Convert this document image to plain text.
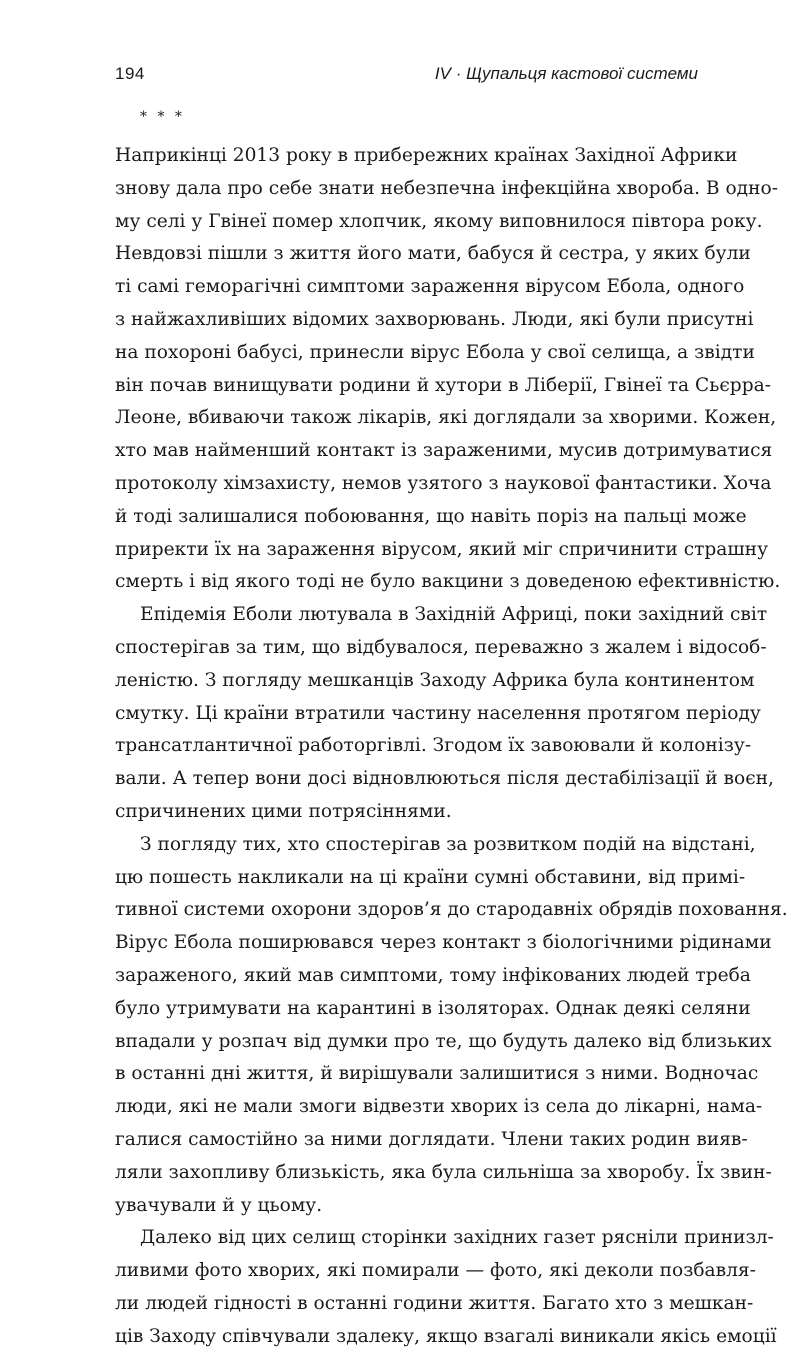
194	IV · Щупальця кастової системи
* * *
Наприкінці 2013 року в прибережних країнах Західної Африки
знову дала про себе знати небезпечна інфекційна хвороба. В одно-
му селі у Гвінеї помер хлопчик, якому виповнилося півтора року.
Невдовзі пішли з життя його мати, бабуся й сестра, у яких були
ті самі геморагічні симптоми зараження вірусом Ебола, одного
з найжахливіших відомих захворювань. Люди, які були присутні
на похороні бабусі, принесли вірус Ебола у свої селища, а звідти
він почав винищувати родини й хутори в Ліберії, Гвінеї та Сьєрра-
Леоне, вбиваючи також лікарів, які доглядали за хворими. Кожен,
хто мав найменший контакт із зараженими, мусив дотримуватися
протоколу хімзахисту, немов узятого з наукової фантастики. Хоча
й тоді залишалися побоювання, що навіть поріз на пальці може
приректи їх на зараження вірусом, який міг спричинити страшну
смерть і від якого тоді не було вакцини з доведеною ефективністю.
Епідемія Еболи лютувала в Західній Африці, поки західний світ
спостерігав за тим, що відбувалося, переважно з жалем і відособ-
леністю. З погляду мешканців Заходу Африка була континентом
смутку. Ці країни втратили частину населення протягом періоду
трансатлантичної работоргівлі. Згодом їх завоювали й колонізу-
вали. А тепер вони досі відновлюються після дестабілізації й воєн,
спричинених цими потрясіннями.
З погляду тих, хто спостерігав за розвитком подій на відстані,
цю пошесть накликали на ці країни сумні обставини, від примі-
тивної системи охорони здоров’я до стародавніх обрядів поховання.
Вірус Ебола поширювався через контакт з біологічними рідинами
зараженого, який мав симптоми, тому інфікованих людей треба
було утримувати на карантині в ізоляторах. Однак деякі селяни
впадали у розпач від думки про те, що будуть далеко від близьких
в останні дні життя, й вирішували залишитися з ними. Водночас
люди, які не мали змоги відвезти хворих із села до лікарні, нама-
галися самостійно за ними доглядати. Члени таких родин вияв-
ляли захопливу близькість, яка була сильніша за хворобу. Їх звин-
увачували й у цьому.
Далеко від цих селищ сторінки західних газет рясніли принизл-
ливими фото хворих, які помирали — фото, які деколи позбавля-
ли людей гідності в останні години життя. Багато хто з мешкан-
ців Заходу співчували здалеку, якщо взагалі виникали якісь емоції
